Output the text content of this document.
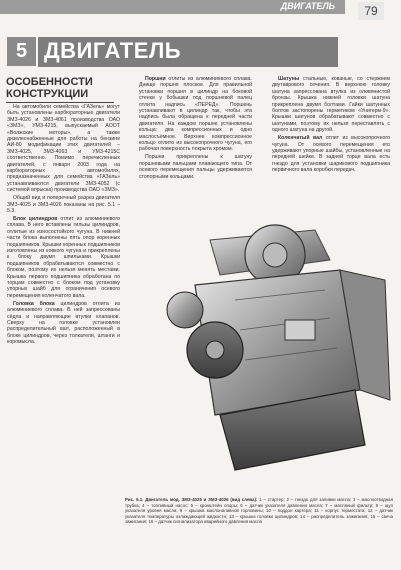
ДВИГАТЕЛЬ	79
5 ДВИГАТЕЛЬ
ОСОБЕННОСТИ
КОНСТРУКЦИИ

На автомобили семейства «ГАЗель» могут быть установлены карбюраторные двигатели ЗМЗ-4026 и ЗМЗ-4061 производства ОАО «ЗМЗ», УМЗ-4215, выпускаемый АООТ «Волжские моторы», а также дизелеснабженные для работы на бензине АИ-80 модификации этих двигателей – ЗМЗ-4025, ЗМЗ-4063 и УМЗ-4215С соответственно. Помимо перечисленных двигателей, с января 2003 года на карбюраторных автомобилях, предназначенных для семейства «ГАЗель» устанавливаются двигатели ЗМЗ-4052 (с системой впрыска) производства ОАО «ЗМЗ».

Общий вид и поперечный разрез двигателя ЗМЗ-4025 и ЗМЗ-4026 показаны на рис. 5.1 – 5.3.

Блок цилиндров отлит из алюминиевого сплава. В него вставлены гильзы цилиндров, отлитые из износостойкого чугуна. В нижней части блока выполнены пять опор коренных подшипников. Крышки коренных подшипников изготовлены из ковкого чугуна и прикреплены к блоку двумя шпильками. Крышки подшипников обрабатываются совместно с блоком, поэтому их нельзя менять местами. Крышка первого подшипника обработана по торцам совместно с блоком под установку упорных шайб для ограничения осевого перемещения коленчатого вала.

Головка блока цилиндров отлита из алюминиевого сплава. В ней запрессованы сёдла и направляющие втулки клапанов. Сверху на головке установлен распределительный вал, расположенный в блоке цилиндров, через толкатели, штанги и коромысла.

Поршни отлиты из алюминиевого сплава. Днище поршня плоское. Для правильной установки поршня в цилиндр на боковой стенке у бобышки под поршневой палец отлита надпись «ПЕРЕД». Поршень устанавливают в цилиндр так, чтобы эта надпись была обращена к передней части двигателя. На каждом поршне установлены кольца: два компрессионных и одно маслосъёмное. Верхнее компрессионное кольцо отлито из высокопрочного чугуна, его рабочая поверхность покрыта хромом.

Поршни прикреплены к шатуну поршневыми пальцами плавающего типа. От осевого перемещения пальцы удерживаются стопорными кольцами.

Шатуны стальные, кованые, со стержнем двутаврового сечения. В верхнюю головку шатуна запрессована втулка из оловянистой бронзы. Крышка нижней головки шатуна прикреплена двумя болтами. Гайки шатунных болтов застопорены герметиком «Унигерм-9». Крышки шатунов обрабатывают совместно с шатунами, поэтому их нельзя переставлять с одного шатуна на другой.

Коленчатый вал отлит из высокопрочного чугуна. От осевого перемещения его удерживают упорные шайбы, установленные на передней шейке. В задней торце вала есть гнездо для установки шарикового подшипника первичного вала коробки передач.

Рис. 5.1. Двигатель мод. ЗМЗ-4025 и ЗМЗ-4026 (вид слева): 1 – стартер; 2 – гнездо для заливки масла; 3 – маслоотводная трубка; 4 – топливный насос; 5 – кронштейн опоры; 6 – датчик указателя давления масла; 7 – масляный фильтр; 8 – щуп указателя уровня масла; 9 – крышка маслоналивной горловины; 10 – поддон картера; 11 – корпус термостата; 12 – датчик указателя температуры охлаждающей жидкости; 13 – крышка головки цилиндров; 14 – распределитель зажигания; 15 – свеча зажигания; 16 – датчик сигнализатора аварийного давления масла
